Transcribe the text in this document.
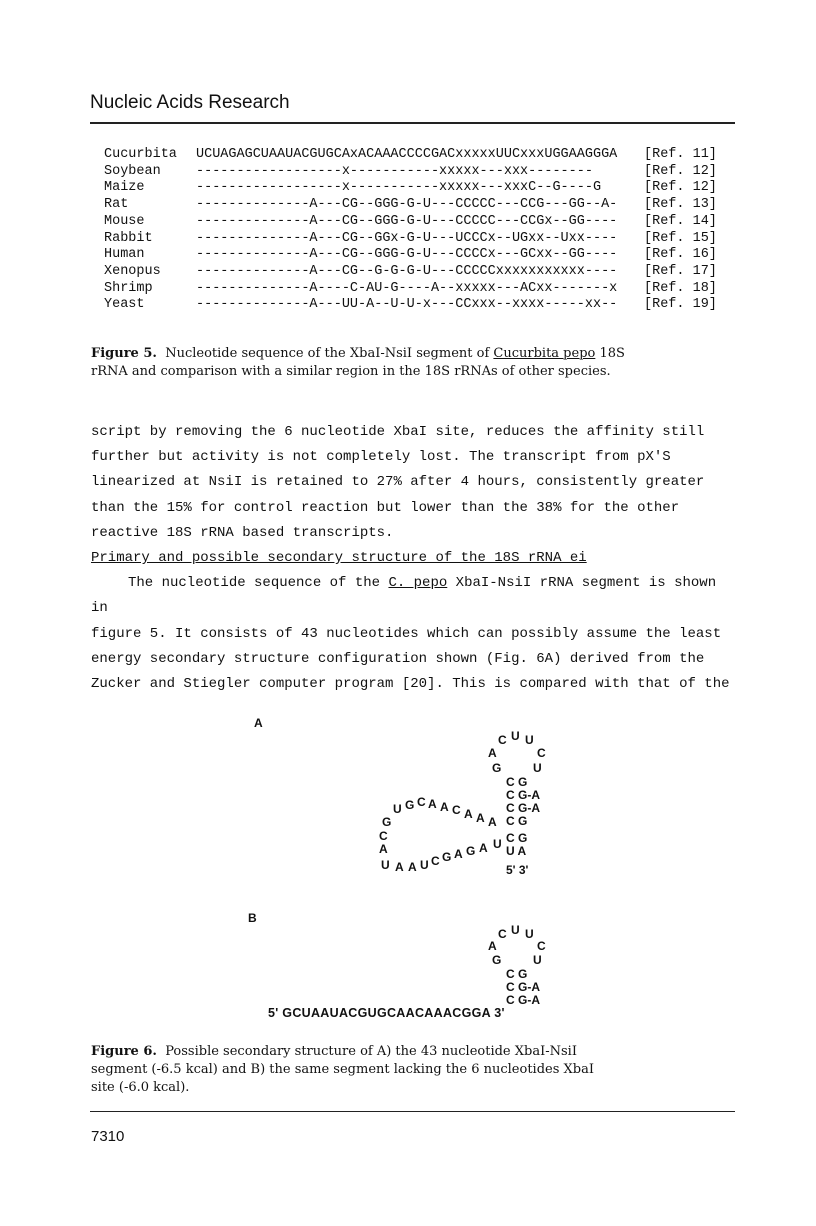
Nucleic Acids Research
Cucurbita	UCUAGAGCUAAUACGUGCAxACAAACCCCGACxxxxxUUCxxxUGGAAGGGA	[Ref. 11]
Soybean	------------------x-----------xxxxx---xxx--------	[Ref. 12]
Maize	------------------x-----------xxxxx---xxxC--G----G	[Ref. 12]
Rat	--------------A---CG--GGG-G-U---CCCCC---CCG---GG--A-	[Ref. 13]
Mouse	--------------A---CG--GGG-G-U---CCCCC---CCGx--GG----	[Ref. 14]
Rabbit	--------------A---CG--GGx-G-U---UCCCx--UGxx--Uxx----	[Ref. 15]
Human	--------------A---CG--GGG-G-U---CCCCx---GCxx--GG----	[Ref. 16]
Xenopus	--------------A---CG--G-G-G-U---CCCCCxxxxxxxxxxx----	[Ref. 17]
Shrimp	--------------A----C-AU-G----A--xxxxx---ACxx-------x	[Ref. 18]
Yeast	--------------A---UU-A--U-U-x---CCxxx--xxxx-----xx--	[Ref. 19]
Figure 5. Nucleotide sequence of the XbaI-NsiI segment of Cucurbita pepo 18S
rRNA and comparison with a similar region in the 18S rRNAs of other species.

script by removing the 6 nucleotide XbaI site, reduces the affinity still

further but activity is not completely lost. The transcript from pX'S

linearized at NsiI is retained to 27% after 4 hours, consistently greater

than the 15% for control reaction but lower than the 38% for the other

reactive 18S rRNA based transcripts.

Primary and possible secondary structure of the 18S rRNA ei

The nucleotide sequence of the C. pepo XbaI-NsiI rRNA segment is shown in

figure 5. It consists of 43 nucleotides which can possibly assume the least

energy secondary structure configuration shown (Fig. 6A) derived from the

Zucker and Stiegler computer program [20]. This is compared with that of the

A
C U U
A	C
G	U
C G
C G-A
C G-A
C G
C G
U A
5' 3'
U G C A A C A A A
G
C
A
U A A U C G A G A U
B
C U U
A	C
G	U
C G
C G-A
C G-A
5' GCUAAUACGUGCAACAAACGGA 3'
Figure 6. Possible secondary structure of A) the 43 nucleotide XbaI-NsiI
segment (-6.5 kcal) and B) the same segment lacking the 6 nucleotides XbaI
site (-6.0 kcal).
7310
